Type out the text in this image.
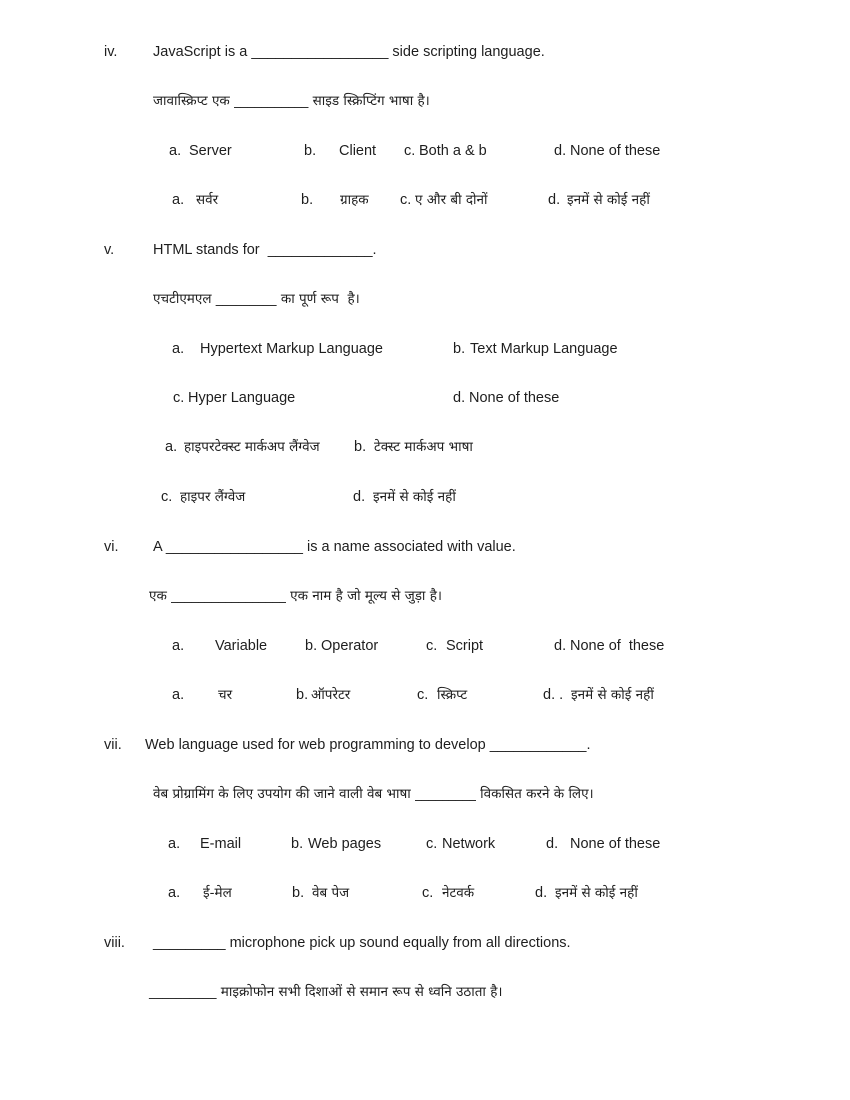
iv. JavaScript is a _________________ side scripting language.
जावास्क्रिप्ट एक ___________ साइड स्क्रिप्टिंग भाषा है।
a. Server	b. Client c. Both a & b	d. None of these
a. सर्वर	b. ग्राहक c. ए और बी दोनों	d. इनमें से कोई नहीं
v.	HTML stands for  _____________.
एचटीएमएल _________ का पूर्ण रूप  है।
a. Hypertext Markup Language	b. Text Markup Language
c. Hyper Language	d. None of these
a. हाइपरटेक्स्ट मार्कअप लैंग्वेज b. टेक्स्ट मार्कअप भाषा
c. हाइपर लैंग्वेज	d. इनमें से कोई नहीं
vi. A _________________ is a name associated with value.
एक _________________ एक नाम है जो मूल्य से जुड़ा है।
a. Variable	b. Operator	c. Script	d. None of  these
a.	चर	b. ऑपरेटर	c. स्क्रिप्ट	d. . इनमें से कोई नहीं
vii. Web language used for web programming to develop ____________.
वेब प्रोग्रामिंग के लिए उपयोग की जाने वाली वेब भाषा _________ विकसित करने के लिए।
a. E-mail	b. Web pages	c. Network	d. None of these
a. ई-मेल	b. वेब पेज	c. नेटवर्क	d. इनमें से कोई नहीं
viii. _________ microphone pick up sound equally from all directions.
__________ माइक्रोफोन सभी दिशाओं से समान रूप से ध्वनि उठाता है।
